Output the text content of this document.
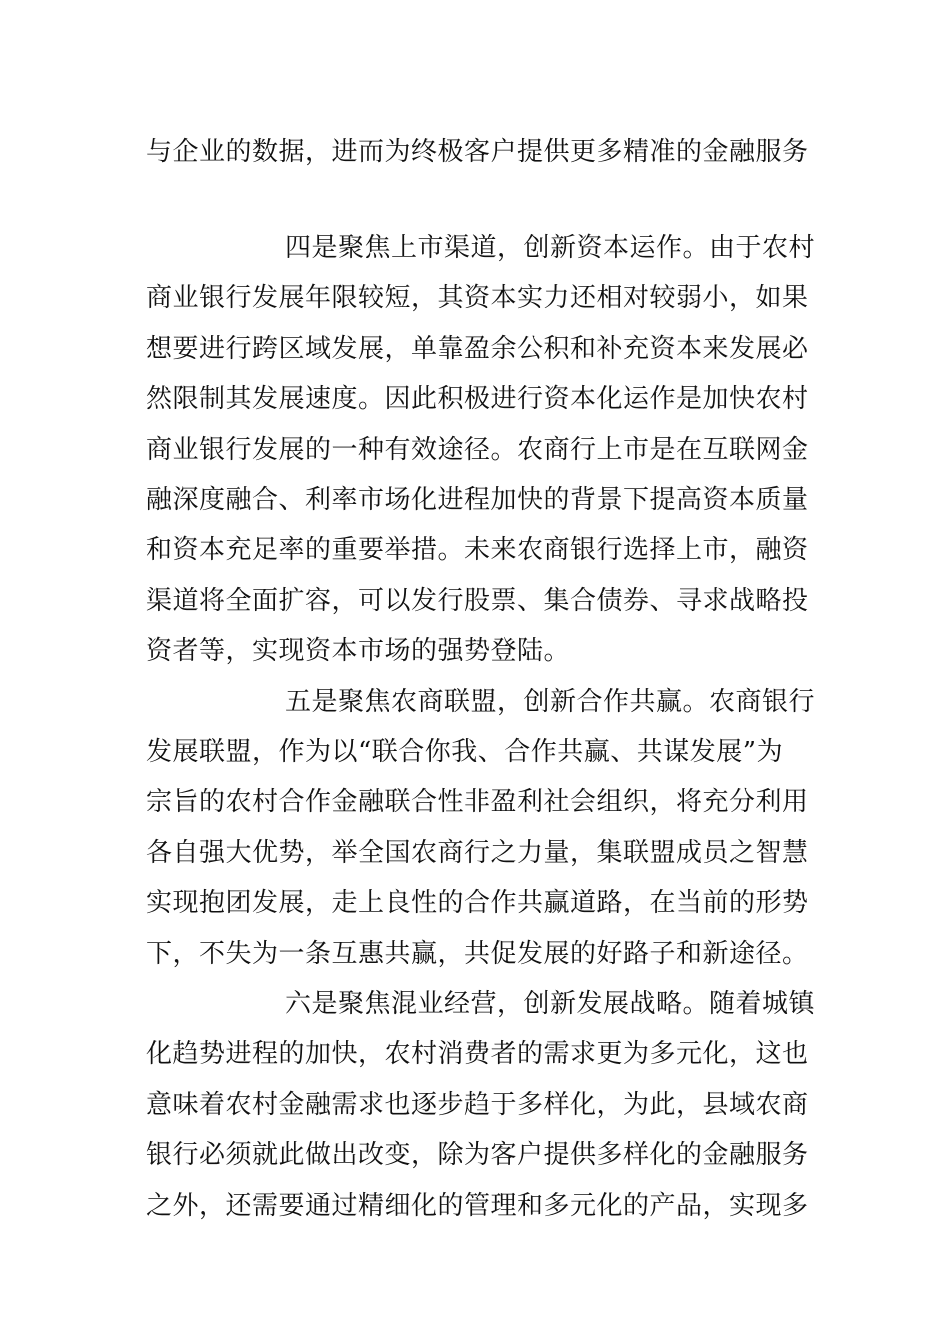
与企业的数据，进而为终极客户提供更多精准的金融服务
四是聚焦上市渠道，创新资本运作。由于农村
商业银行发展年限较短，其资本实力还相对较弱小，如果
想要进行跨区域发展，单靠盈余公积和补充资本来发展必
然限制其发展速度。因此积极进行资本化运作是加快农村
商业银行发展的一种有效途径。农商行上市是在互联网金
融深度融合、利率市场化进程加快的背景下提高资本质量
和资本充足率的重要举措。未来农商银行选择上市，融资
渠道将全面扩容，可以发行股票、集合债券、寻求战略投
资者等，实现资本市场的强势登陆。
五是聚焦农商联盟，创新合作共赢。农商银行
发展联盟，作为以“联合你我、合作共赢、共谋发展”为
宗旨的农村合作金融联合性非盈利社会组织，将充分利用
各自强大优势，举全国农商行之力量，集联盟成员之智慧
实现抱团发展，走上良性的合作共赢道路，在当前的形势
下，不失为一条互惠共赢，共促发展的好路子和新途径。
六是聚焦混业经营，创新发展战略。随着城镇
化趋势进程的加快，农村消费者的需求更为多元化，这也
意味着农村金融需求也逐步趋于多样化，为此，县域农商
银行必须就此做出改变，除为客户提供多样化的金融服务
之外，还需要通过精细化的管理和多元化的产品，实现多
